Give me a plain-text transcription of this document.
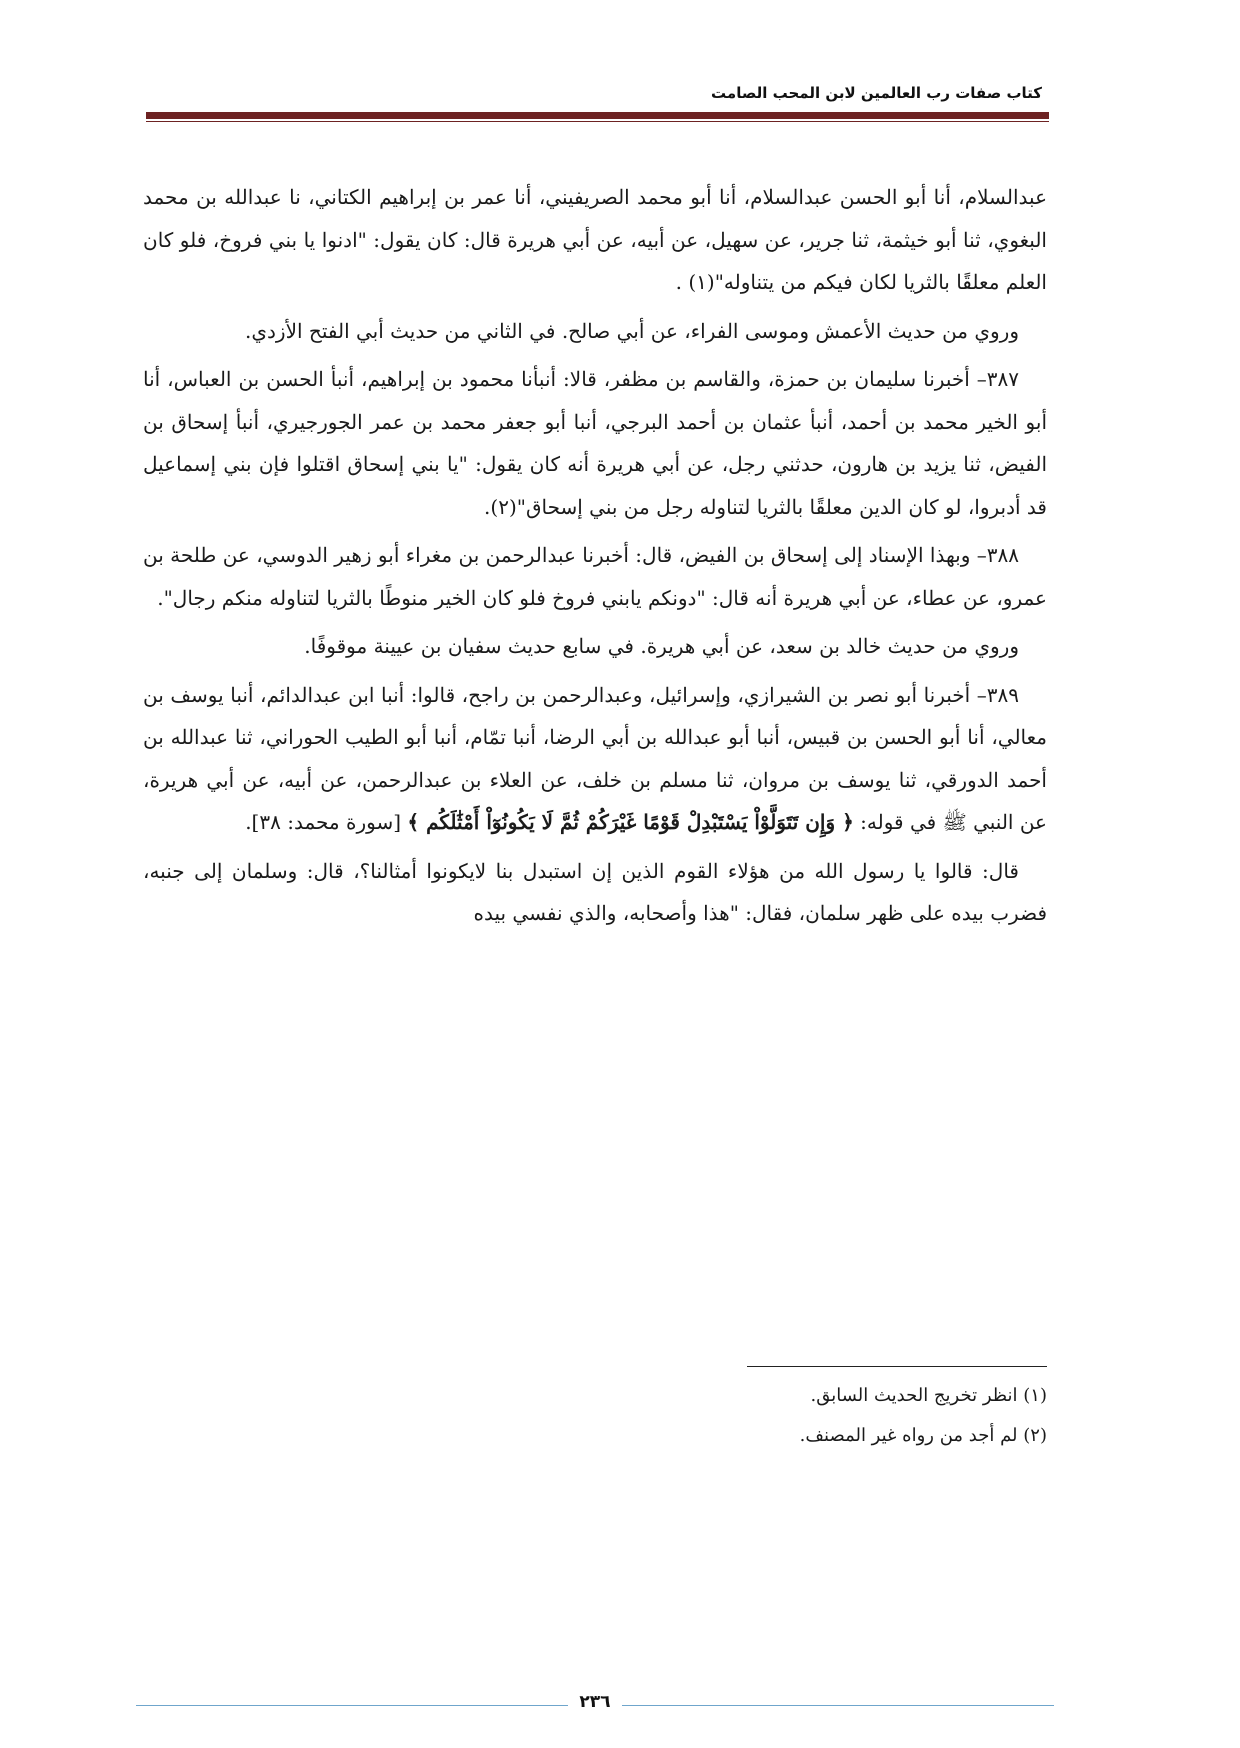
كتاب صفات رب العالمين لابن المحب الصامت

عبدالسلام، أنا أبو الحسن عبدالسلام، أنا أبو محمد الصريفيني، أنا عمر بن إبراهيم الكتاني، نا عبدالله بن محمد البغوي، ثنا أبو خيثمة، ثنا جرير، عن سهيل، عن أبيه، عن أبي هريرة قال: كان يقول: "ادنوا يا بني فروخ، فلو كان العلم معلقًا بالثريا لكان فيكم من يتناوله"(١) .

وروي من حديث الأعمش وموسى الفراء، عن أبي صالح. في الثاني من حديث أبي الفتح الأزدي.

٣٨٧– أخبرنا سليمان بن حمزة، والقاسم بن مظفر، قالا: أنبأنا محمود بن إبراهيم، أنبأ الحسن بن العباس، أنا أبو الخير محمد بن أحمد، أنبأ عثمان بن أحمد البرجي، أنبا أبو جعفر محمد بن عمر الجورجيري، أنبأ إسحاق بن الفيض، ثنا يزيد بن هارون، حدثني رجل، عن أبي هريرة أنه كان يقول: "يا بني إسحاق اقتلوا فإن بني إسماعيل قد أدبروا، لو كان الدين معلقًا بالثريا لتناوله رجل من بني إسحاق"(٢).

٣٨٨– وبهذا الإسناد إلى إسحاق بن الفيض، قال: أخبرنا عبدالرحمن بن مغراء أبو زهير الدوسي، عن طلحة بن عمرو، عن عطاء، عن أبي هريرة أنه قال: "دونكم يابني فروخ فلو كان الخير منوطًا بالثريا لتناوله منكم رجال".

وروي من حديث خالد بن سعد، عن أبي هريرة. في سابع حديث سفيان بن عيينة موقوفًا.

٣٨٩– أخبرنا أبو نصر بن الشيرازي، وإسرائيل، وعبدالرحمن بن راجح، قالوا: أنبا ابن عبدالدائم، أنبا يوسف بن معالي، أنا أبو الحسن بن قبيس، أنبا أبو عبدالله بن أبي الرضا، أنبا تمّام، أنبا أبو الطيب الحوراني، ثنا عبدالله بن أحمد الدورقي، ثنا يوسف بن مروان، ثنا مسلم بن خلف، عن العلاء بن عبدالرحمن، عن أبيه، عن أبي هريرة، عن النبي ﷺ في قوله: ﴿ وَإِن تَتَوَلَّوْاْ يَسْتَبْدِلْ قَوْمًا غَيْرَكُمْ ثُمَّ لَا يَكُونُوٓاْ أَمْثَٰلَكُم ﴾ [سورة محمد: ٣٨].

قال: قالوا يا رسول الله من هؤلاء القوم الذين إن استبدل بنا لايكونوا أمثالنا؟، قال: وسلمان إلى جنبه، فضرب بيده على ظهر سلمان، فقال: "هذا وأصحابه، والذي نفسي بيده

(١) انظر تخريج الحديث السابق.
(٢) لم أجد من رواه غير المصنف.
٢٣٦
